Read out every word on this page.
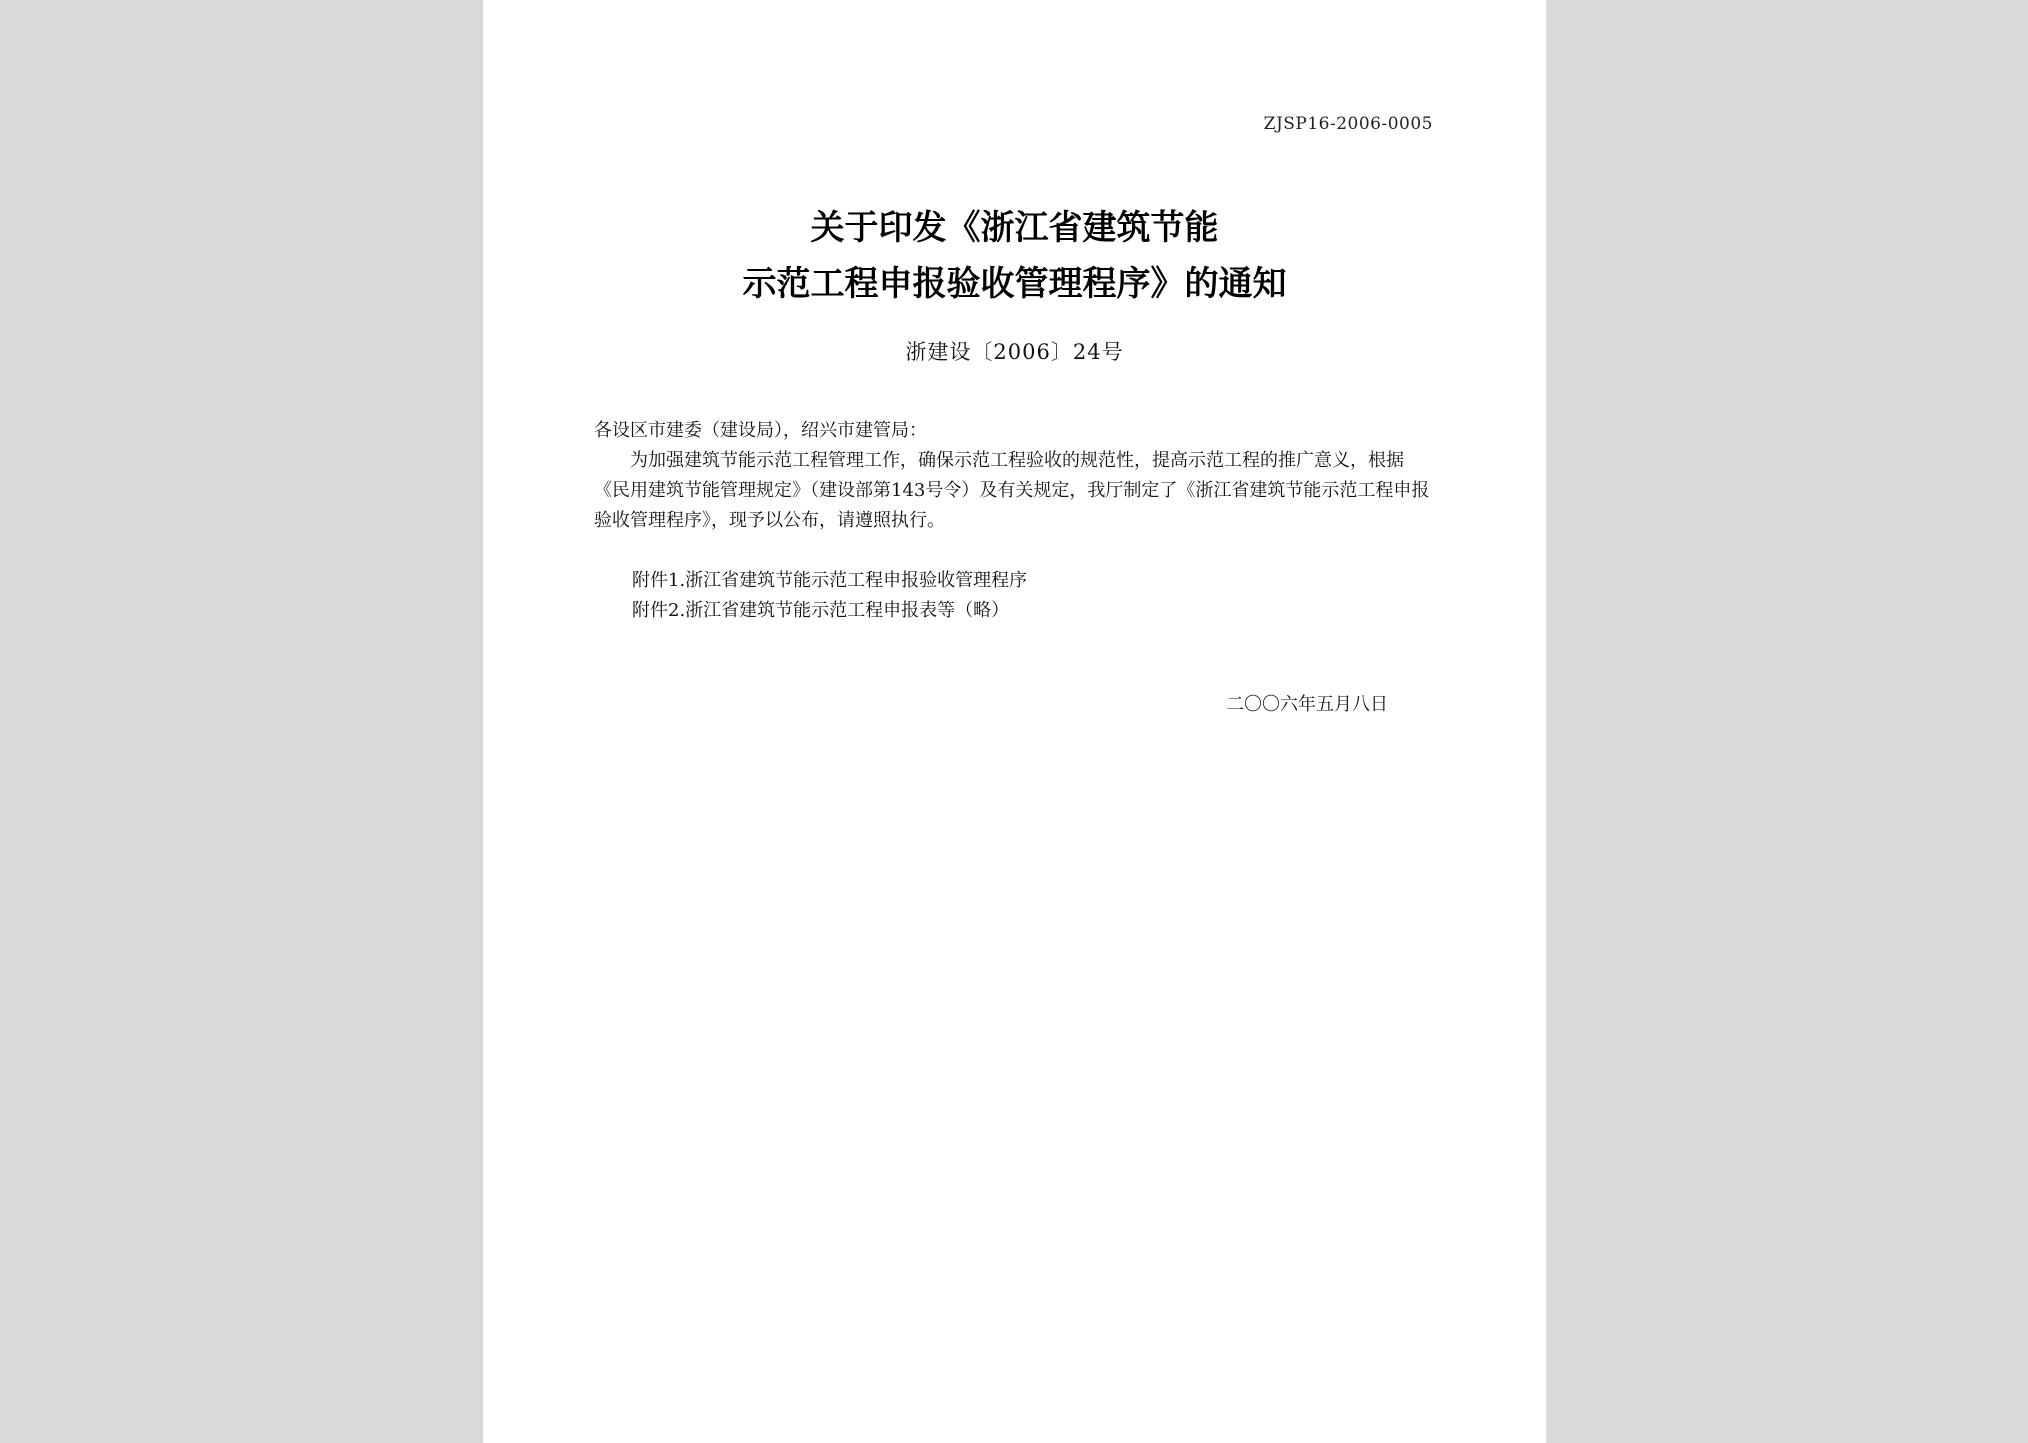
ZJSP16-2006-0005
关于印发《浙江省建筑节能
示范工程申报验收管理程序》的通知
浙建设〔2006〕24号

各设区市建委（建设局），绍兴市建管局：

为加强建筑节能示范工程管理工作，确保示范工程验收的规范性，提高示范工程的推广意义，根据《民用建筑节能管理规定》（建设部第143号令）及有关规定，我厅制定了《浙江省建筑节能示范工程申报验收管理程序》，现予以公布，请遵照执行。

附件1.浙江省建筑节能示范工程申报验收管理程序
附件2.浙江省建筑节能示范工程申报表等（略）
二〇〇六年五月八日
